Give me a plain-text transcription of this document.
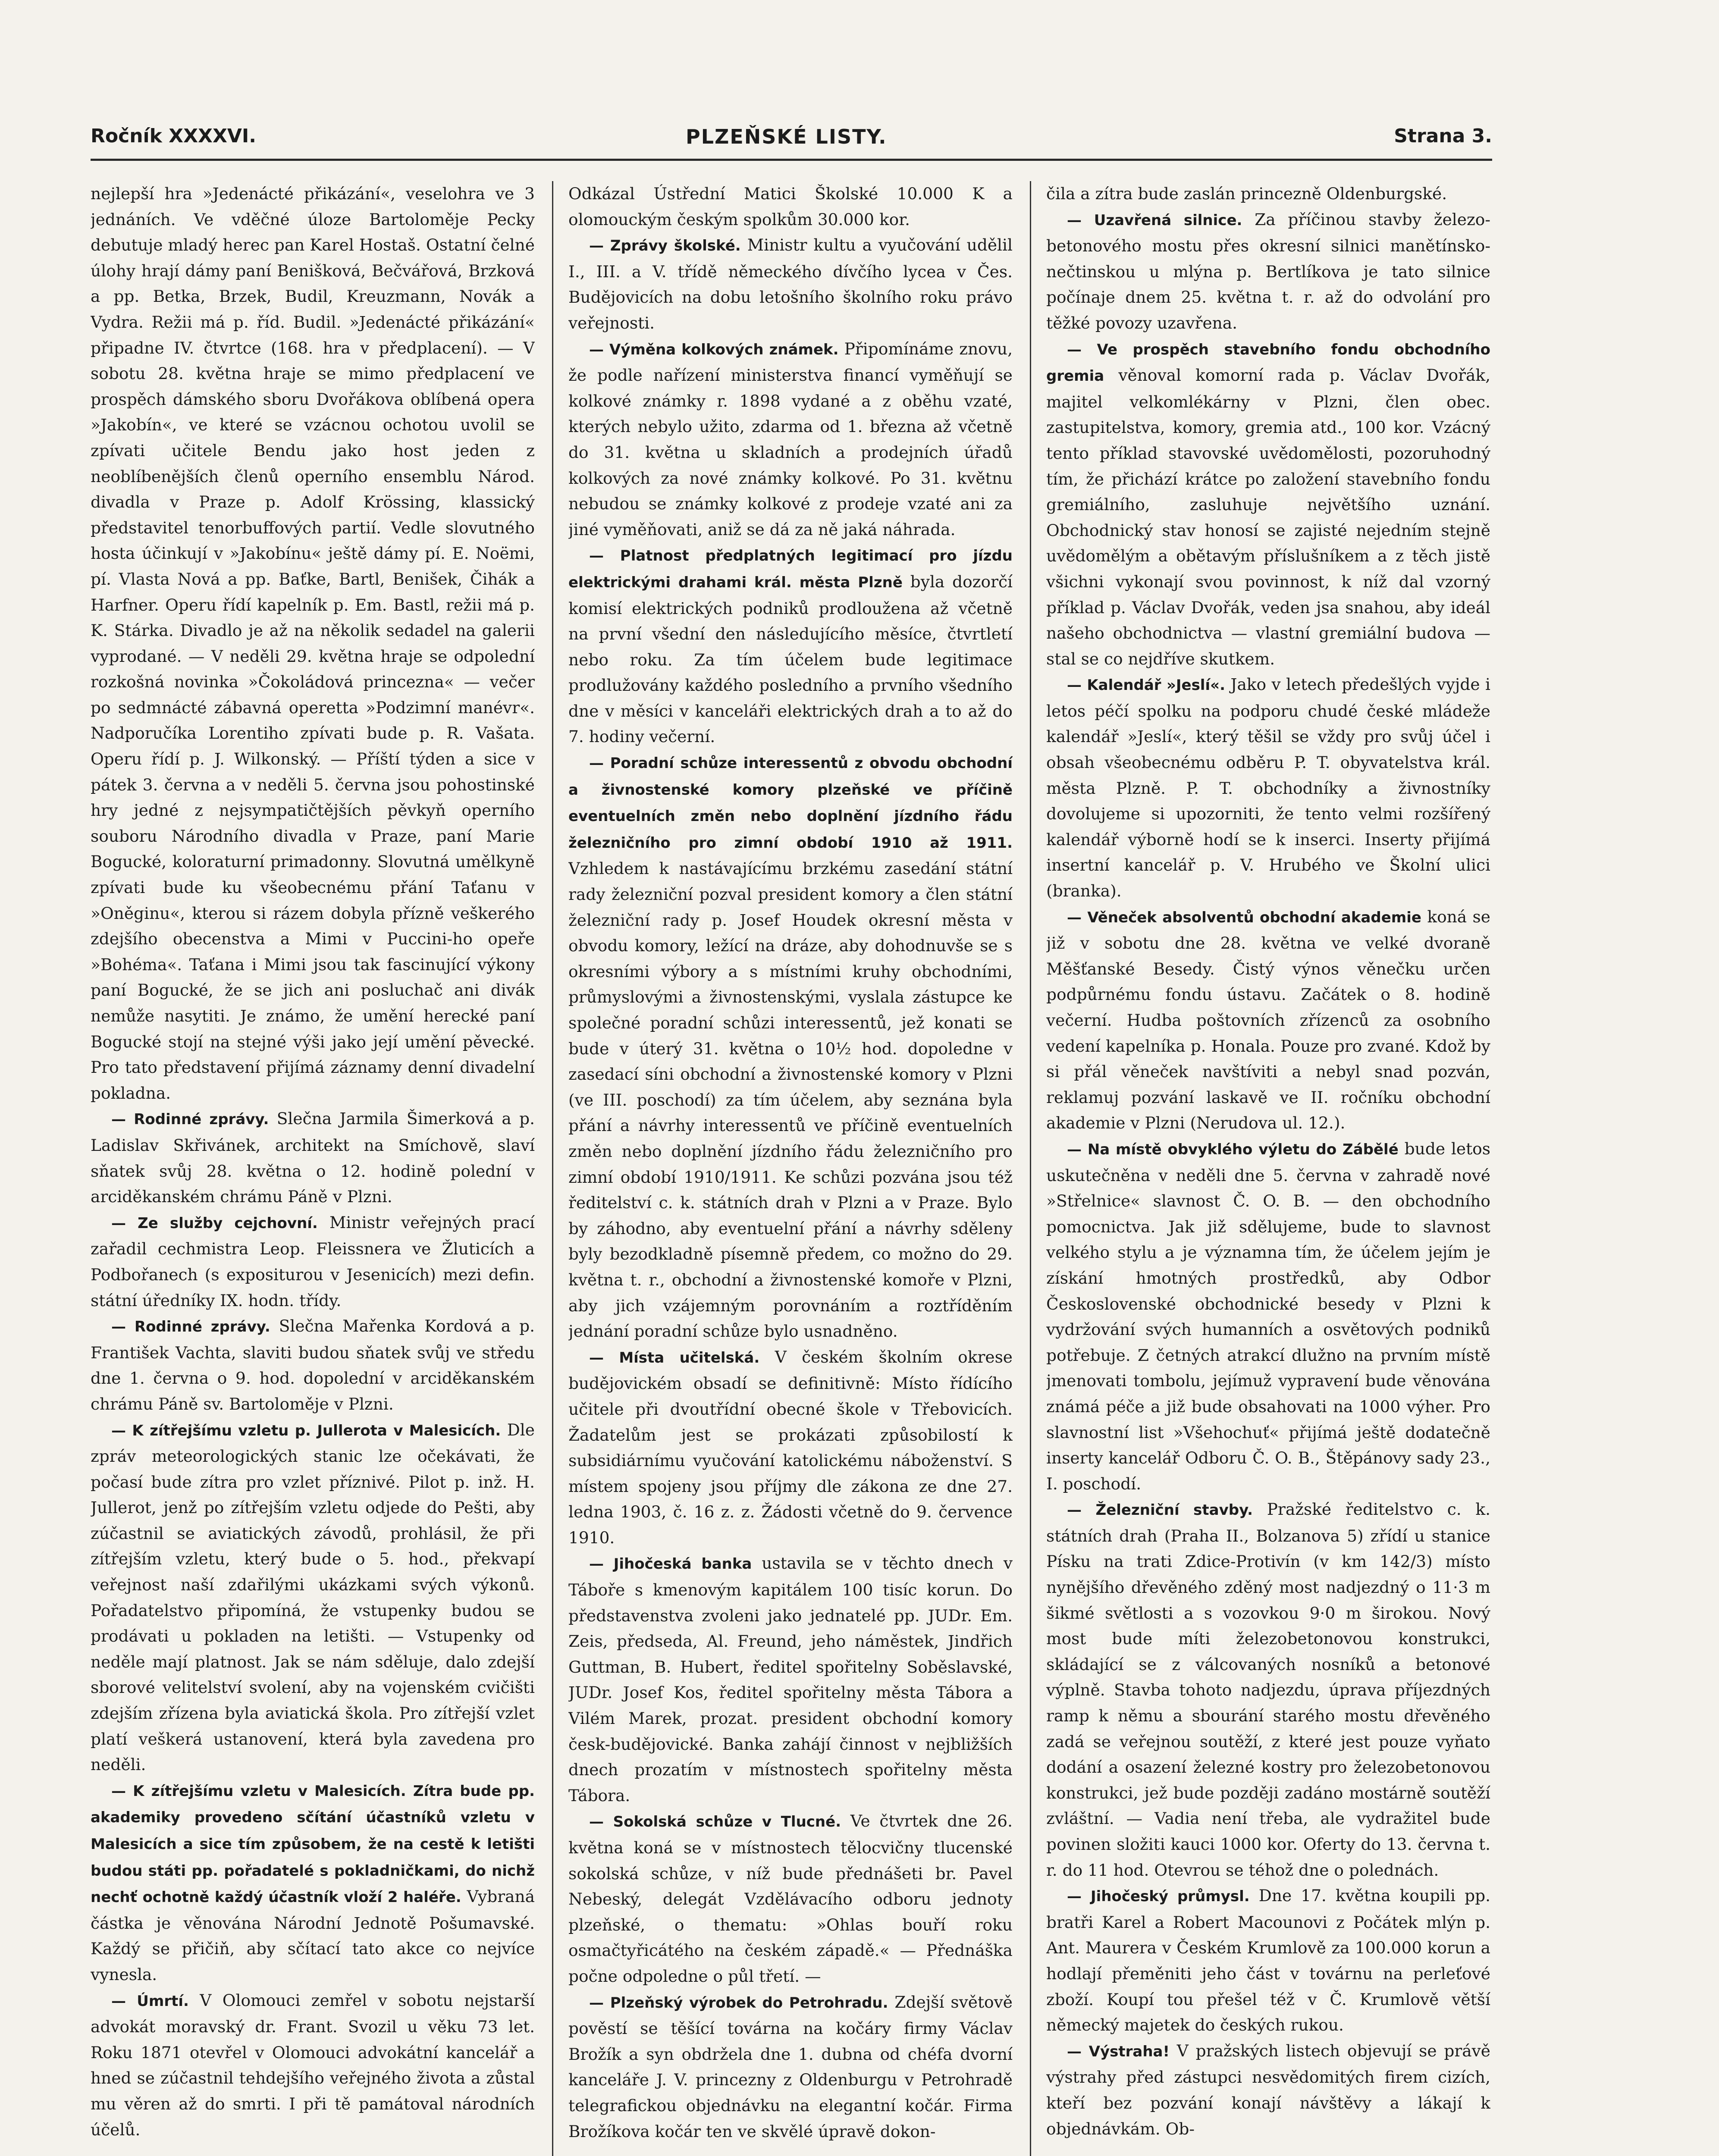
Ročník XXXXVI.	PLZEŇSKÉ LISTY.	Strana 3.

nejlepší hra »Jedenácté přikázání«, veselohra ve 3 jednáních. Ve vděčné úloze Bartoloměje Pecky debutuje mladý herec pan Karel Hostaš. Ostatní čelné úlohy hrají dámy paní Benišková, Bečvářová, Brzková a pp. Betka, Brzek, Budil, Kreuzmann, Novák a Vydra. Režii má p. říd. Budil. »Jedenácté přikázání« připadne IV. čtvrtce (168. hra v předplacení). — V sobotu 28. května hraje se mimo předplacení ve prospěch dámského sboru Dvořákova oblíbená opera »Jakobín«, ve které se vzácnou ochotou uvolil se zpívati učitele Bendu jako host jeden z neoblíbenějších členů operního ensemblu Národ. divadla v Praze p. Adolf Krössing, klassický představitel tenorbuffových partií. Vedle slovutného hosta účinkují v »Jakobínu« ještě dámy pí. E. Noëmi, pí. Vlasta Nová a pp. Baťke, Bartl, Benišek, Čihák a Harfner. Operu řídí kapelník p. Em. Bastl, režii má p. K. Stárka. Divadlo je až na několik sedadel na galerii vyprodané. — V neděli 29. května hraje se odpolední rozkošná novinka »Čokoládová princezna« — večer po sedmnácté zábavná operetta »Podzimní manévr«. Nadporučíka Lorentiho zpívati bude p. R. Vašata. Operu řídí p. J. Wilkonský. — Příští týden a sice v pátek 3. června a v neděli 5. června jsou pohostinské hry jedné z nejsympatičtějších pěvkyň operního souboru Národního divadla v Praze, paní Marie Bogucké, koloraturní primadonny. Slovutná umělkyně zpívati bude ku všeobecnému přání Taťanu v »Oněginu«, kterou si rázem dobyla přízně veškerého zdejšího obecenstva a Mimi v Puccini-ho opeře »Bohéma«. Taťana i Mimi jsou tak fascinující výkony paní Bogucké, že se jich ani posluchač ani divák nemůže nasytiti. Je známo, že umění herecké paní Bogucké stojí na stejné výši jako její umění pěvecké. Pro tato představení přijímá záznamy denní divadelní pokladna.

— Rodinné zprávy. Slečna Jarmila Šimerková a p. Ladislav Skřivánek, architekt na Smíchově, slaví sňatek svůj 28. května o 12. hodině polední v arciděkanském chrámu Páně v Plzni.

— Ze služby cejchovní. Ministr veřejných prací zařadil cechmistra Leop. Fleissnera ve Žluticích a Podbořanech (s expositurou v Jesenicích) mezi defin. státní úředníky IX. hodn. třídy.

— Rodinné zprávy. Slečna Mařenka Kordová a p. František Vachta, slaviti budou sňatek svůj ve středu dne 1. června o 9. hod. dopolední v arciděkanském chrámu Páně sv. Bartoloměje v Plzni.

— K zítřejšímu vzletu p. Jullerota v Malesicích. Dle zpráv meteorologických stanic lze očekávati, že počasí bude zítra pro vzlet příznivé. Pilot p. inž. H. Jullerot, jenž po zítřejším vzletu odjede do Pešti, aby zúčastnil se aviatických závodů, prohlásil, že při zítřejším vzletu, který bude o 5. hod., překvapí veřejnost naší zdařilými ukázkami svých výkonů. Pořadatelstvo připomíná, že vstupenky budou se prodávati u pokladen na letišti. — Vstupenky od neděle mají platnost. Jak se nám sděluje, dalo zdejší sborové velitelství svolení, aby na vojenském cvičišti zdejším zřízena byla aviatická škola. Pro zítřejší vzlet platí veškerá ustanovení, která byla zavedena pro neděli.

— K zítřejšímu vzletu v Malesicích. Zítra bude pp. akademiky provedeno sčítání účastníků vzletu v Malesicích a sice tím způsobem, že na cestě k letišti budou státi pp. pořadatelé s pokladničkami, do nichž nechť ochotně každý účastník vloží 2 haléře. Vybraná částka je věnována Národní Jednotě Pošumavské. Každý se přičiň, aby sčítací tato akce co nejvíce vynesla.

— Úmrtí. V Olomouci zemřel v sobotu nejstarší advokát moravský dr. Frant. Svozil u věku 73 let. Roku 1871 otevřel v Olomouci advokátní kancelář a hned se zúčastnil tehdejšího veřejného života a zůstal mu věren až do smrti. I při tě památoval národních účelů.

Odkázal Ústřední Matici Školské 10.000 K a olomouckým českým spolkům 30.000 kor.

— Zprávy školské. Ministr kultu a vyučování udělil I., III. a V. třídě německého dívčího lycea v Čes. Budějovicích na dobu letošního školního roku právo veřejnosti.

— Výměna kolkových známek. Připomínáme znovu, že podle nařízení ministerstva financí vyměňují se kolkové známky r. 1898 vydané a z oběhu vzaté, kterých nebylo užito, zdarma od 1. března až včetně do 31. května u skladních a prodejních úřadů kolkových za nové známky kolkové. Po 31. květnu nebudou se známky kolkové z prodeje vzaté ani za jiné vyměňovati, aniž se dá za ně jaká náhrada.

— Platnost předplatných legitimací pro jízdu elektrickými drahami král. města Plzně byla dozorčí komisí elektrických podniků prodloužena až včetně na první všední den následujícího měsíce, čtvrtletí nebo roku. Za tím účelem bude legitimace prodlužovány každého posledního a prvního všedního dne v měsíci v kanceláři elektrických drah a to až do 7. hodiny večerní.

— Poradní schůze interessentů z obvodu obchodní a živnostenské komory plzeňské ve příčině eventuelních změn nebo doplnění jízdního řádu železničního pro zimní období 1910 až 1911. Vzhledem k nastávajícímu brzkému zasedání státní rady železniční pozval president komory a člen státní železniční rady p. Josef Houdek okresní města v obvodu komory, ležící na dráze, aby dohodnuvše se s okresními výbory a s místními kruhy obchodními, průmyslovými a živnostenskými, vyslala zástupce ke společné poradní schůzi interessentů, jež konati se bude v úterý 31. května o 10½ hod. dopoledne v zasedací síni obchodní a živnostenské komory v Plzni (ve III. poschodí) za tím účelem, aby seznána byla přání a návrhy interessentů ve příčině eventuelních změn nebo doplnění jízdního řádu železničního pro zimní období 1910/1911. Ke schůzi pozvána jsou též ředitelství c. k. státních drah v Plzni a v Praze. Bylo by záhodno, aby eventuelní přání a návrhy sděleny byly bezodkladně písemně předem, co možno do 29. května t. r., obchodní a živnostenské komoře v Plzni, aby jich vzájemným porovnáním a roztříděním jednání poradní schůze bylo usnadněno.

— Místa učitelská. V českém školním okrese budějovickém obsadí se definitivně: Místo řídícího učitele při dvoutřídní obecné škole v Třebovicích. Žadatelům jest se prokázati způsobilostí k subsidiárnímu vyučování katolickému náboženství. S místem spojeny jsou příjmy dle zákona ze dne 27. ledna 1903, č. 16 z. z. Žádosti včetně do 9. července 1910.

— Jihočeská banka ustavila se v těchto dnech v Táboře s kmenovým kapitálem 100 tisíc korun. Do představenstva zvoleni jako jednatelé pp. JUDr. Em. Zeis, předseda, Al. Freund, jeho náměstek, Jindřich Guttman, B. Hubert, ředitel spořitelny Soběslavské, JUDr. Josef Kos, ředitel spořitelny města Tábora a Vilém Marek, prozat. president obchodní komory česk-budějovické. Banka zahájí činnost v nejbližších dnech prozatím v místnostech spořitelny města Tábora.

— Sokolská schůze v Tlucné. Ve čtvrtek dne 26. května koná se v místnostech tělocvičny tlucenské sokolská schůze, v níž bude přednášeti br. Pavel Nebeský, delegát Vzdělávacího odboru jednoty plzeňské, o thematu: »Ohlas bouří roku osmačtyřicátého na českém západě.« — Přednáška počne odpoledne o půl třetí. —

— Plzeňský výrobek do Petrohradu. Zdejší světově pověstí se těšící továrna na kočáry firmy Václav Brožík a syn obdržela dne 1. dubna od chéfa dvorní kanceláře J. V. princezny z Oldenburgu v Petrohradě telegrafickou objednávku na elegantní kočár. Firma Brožíkova kočár ten ve skvělé úpravě dokon-

čila a zítra bude zaslán princezně Oldenburgské.

— Uzavřená silnice. Za příčinou stavby železo-betonového mostu přes okresní silnici manětínsko-nečtinskou u mlýna p. Bertlíkova je tato silnice počínaje dnem 25. května t. r. až do odvolání pro těžké povozy uzavřena.

— Ve prospěch stavebního fondu obchodního gremia věnoval komorní rada p. Václav Dvořák, majitel velkomlékárny v Plzni, člen obec. zastupitelstva, komory, gremia atd., 100 kor. Vzácný tento příklad stavovské uvědomělosti, pozoruhodný tím, že přichází krátce po založení stavebního fondu gremiálního, zasluhuje největšího uznání. Obchodnický stav honosí se zajisté nejedním stejně uvědomělým a obětavým příslušníkem a z těch jistě všichni vykonají svou povinnost, k níž dal vzorný příklad p. Václav Dvořák, veden jsa snahou, aby ideál našeho obchodnictva — vlastní gremiální budova — stal se co nejdříve skutkem.

— Kalendář »Jeslí«. Jako v letech předešlých vyjde i letos péčí spolku na podporu chudé české mládeže kalendář »Jeslí«, který těšil se vždy pro svůj účel i obsah všeobecnému odběru P. T. obyvatelstva král. města Plzně. P. T. obchodníky a živnostníky dovolujeme si upozorniti, že tento velmi rozšířený kalendář výborně hodí se k inserci. Inserty přijímá insertní kancelář p. V. Hrubého ve Školní ulici (branka).

— Věneček absolventů obchodní akademie koná se již v sobotu dne 28. května ve velké dvoraně Měšťanské Besedy. Čistý výnos věnečku určen podpůrnému fondu ústavu. Začátek o 8. hodině večerní. Hudba poštovních zřízenců za osobního vedení kapelníka p. Honala. Pouze pro zvané. Kdož by si přál věneček navštíviti a nebyl snad pozván, reklamuj pozvání laskavě ve II. ročníku obchodní akademie v Plzni (Nerudova ul. 12.).

— Na místě obvyklého výletu do Zábělé bude letos uskutečněna v neděli dne 5. června v zahradě nové »Střelnice« slavnost Č. O. B. — den obchodního pomocnictva. Jak již sdělujeme, bude to slavnost velkého stylu a je významna tím, že účelem jejím je získání hmotných prostředků, aby Odbor Československé obchodnické besedy v Plzni k vydržování svých humanních a osvětových podniků potřebuje. Z četných atrakcí dlužno na prvním místě jmenovati tombolu, jejímuž vypravení bude věnována známá péče a již bude obsahovati na 1000 výher. Pro slavnostní list »Všehochuť« přijímá ještě dodatečně inserty kancelář Odboru Č. O. B., Štěpánovy sady 23., I. poschodí.

— Železniční stavby. Pražské ředitelstvo c. k. státních drah (Praha II., Bolzanova 5) zřídí u stanice Písku na trati Zdice-Protivín (v km 142/3) místo nynějšího dřevěného zděný most nadjezdný o 11·3 m šikmé světlosti a s vozovkou 9·0 m širokou. Nový most bude míti železobetonovou konstrukci, skládající se z válcovaných nosníků a betonové výplně. Stavba tohoto nadjezdu, úprava příjezdných ramp k němu a sbourání starého mostu dřevěného zadá se veřejnou soutěží, z které jest pouze vyňato dodání a osazení železné kostry pro železobetonovou konstrukci, jež bude později zadáno mostárně soutěží zvláštní. — Vadia není třeba, ale vydražitel bude povinen složiti kauci 1000 kor. Oferty do 13. června t. r. do 11 hod. Otevrou se téhož dne o polednách.

— Jihočeský průmysl. Dne 17. května koupili pp. bratři Karel a Robert Macounovi z Počátek mlýn p. Ant. Maurera v Českém Krumlově za 100.000 korun a hodlají přeměniti jeho část v továrnu na perleťové zboží. Koupí tou přešel též v Č. Krumlově větší německý majetek do českých rukou.

— Výstraha! V pražských listech objevují se právě výstrahy před zástupci nesvědomitých firem cizích, kteří bez pozvání konají návštěvy a lákají k objednávkám. Ob-
